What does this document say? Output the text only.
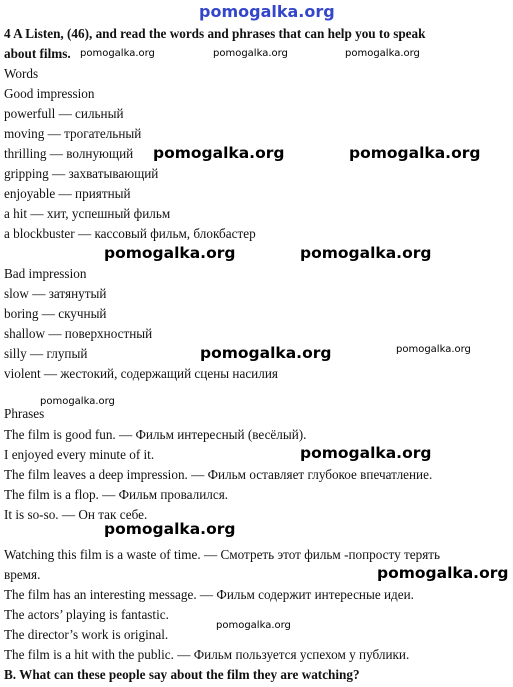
pomogalka.org
4 A Listen, (46), and read the words and phrases that can help you to speak
about films.
Words
Good impression
powerfull — сильный
moving — трогательный
thrilling — волнующий
gripping — захватывающий
enjoyable — приятный
a hit — хит, успешный фильм
a blockbuster — кассовый фильм, блокбастер
Bad impression
slow — затянутый
boring — скучный
shallow — поверхностный
silly — глупый
violent — жестокий, содержащий сцены насилия
Phrases
The film is good fun. — Фильм интересный (весёлый).
I enjoyed every minute of it.
The film leaves a deep impression. — Фильм оставляет глубокое впечатление.
The film is a flop. — Фильм провалился.
It is so-so. — Он так себе.
Watching this film is a waste of time. — Смотреть этот фильм -попросту терять
время.
The film has an interesting message. — Фильм содержит интересные идеи.
The actors’ playing is fantastic.
The director’s work is original.
The film is a hit with the public. — Фильм пользуется успехом у публики.
B. What can these people say about the film they are watching?
pomogalka.org	pomogalka.org	pomogalka.org
pomogalka.org	pomogalka.org
pomogalka.org	pomogalka.org
pomogalka.org	pomogalka.org
pomogalka.org
pomogalka.org
pomogalka.org
pomogalka.org
pomogalka.org
